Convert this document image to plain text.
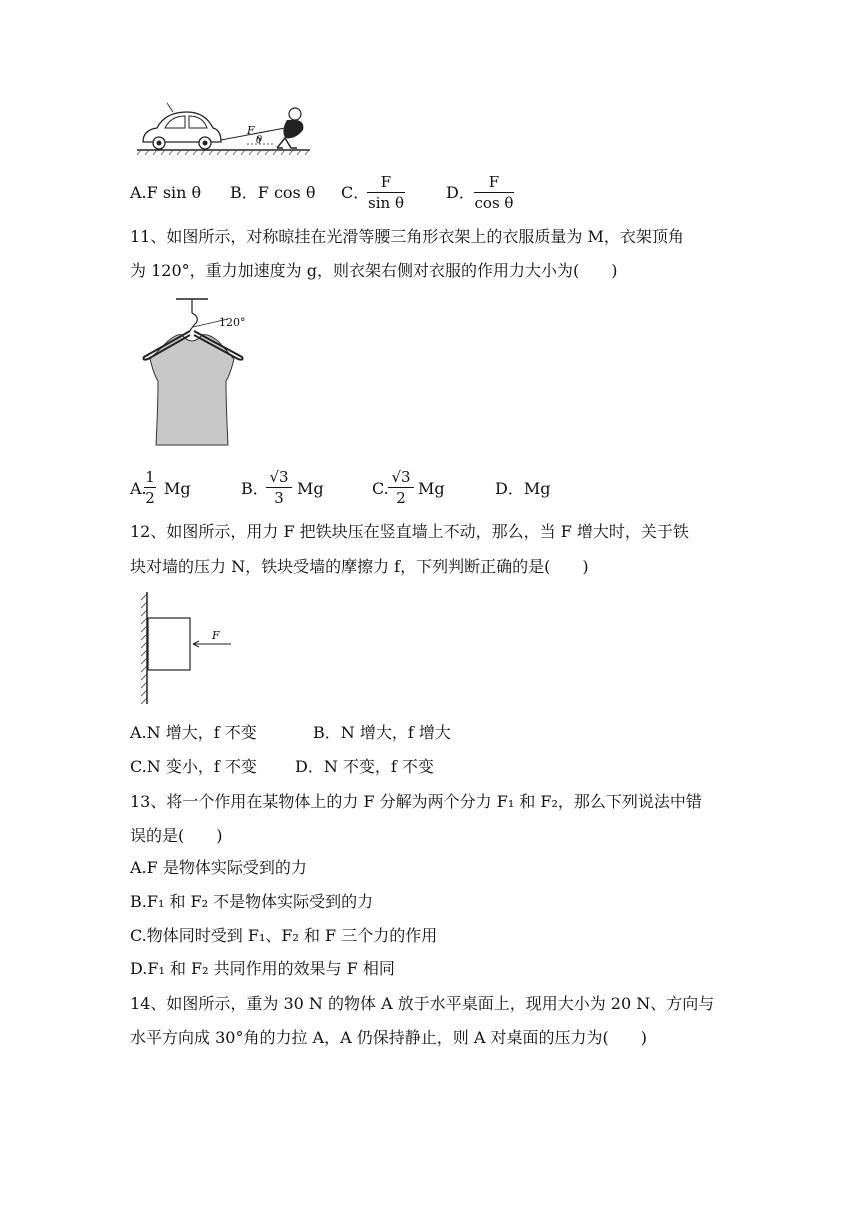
F
θ
A.F sin θ B．F cos θ C．
F
sin θ
D．
F
cos θ
11、如图所示，对称晾挂在光滑等腰三角形衣架上的衣服质量为 M，衣架顶角
为 120°，重力加速度为 g，则衣架右侧对衣服的作用力大小为(　　)
120°
A.
1
2 Mg	B．
√3
3 Mg	C.
√3
2 Mg	D．Mg
12、如图所示，用力 F 把铁块压在竖直墙上不动，那么，当 F 增大时，关于铁
块对墙的压力 N，铁块受墙的摩擦力 f，下列判断正确的是(　　)
F
A.N 增大，f 不变	B．N 增大，f 增大
C.N 变小，f 不变 D．N 不变，f 不变
13、将一个作用在某物体上的力 F 分解为两个分力 F₁ 和 F₂，那么下列说法中错
误的是(　　)
A.F 是物体实际受到的力
B.F₁ 和 F₂ 不是物体实际受到的力
C.物体同时受到 F₁、F₂ 和 F 三个力的作用
D.F₁ 和 F₂ 共同作用的效果与 F 相同
14、如图所示，重为 30 N 的物体 A 放于水平桌面上，现用大小为 20 N、方向与
水平方向成 30°角的力拉 A，A 仍保持静止，则 A 对桌面的压力为(　　)
